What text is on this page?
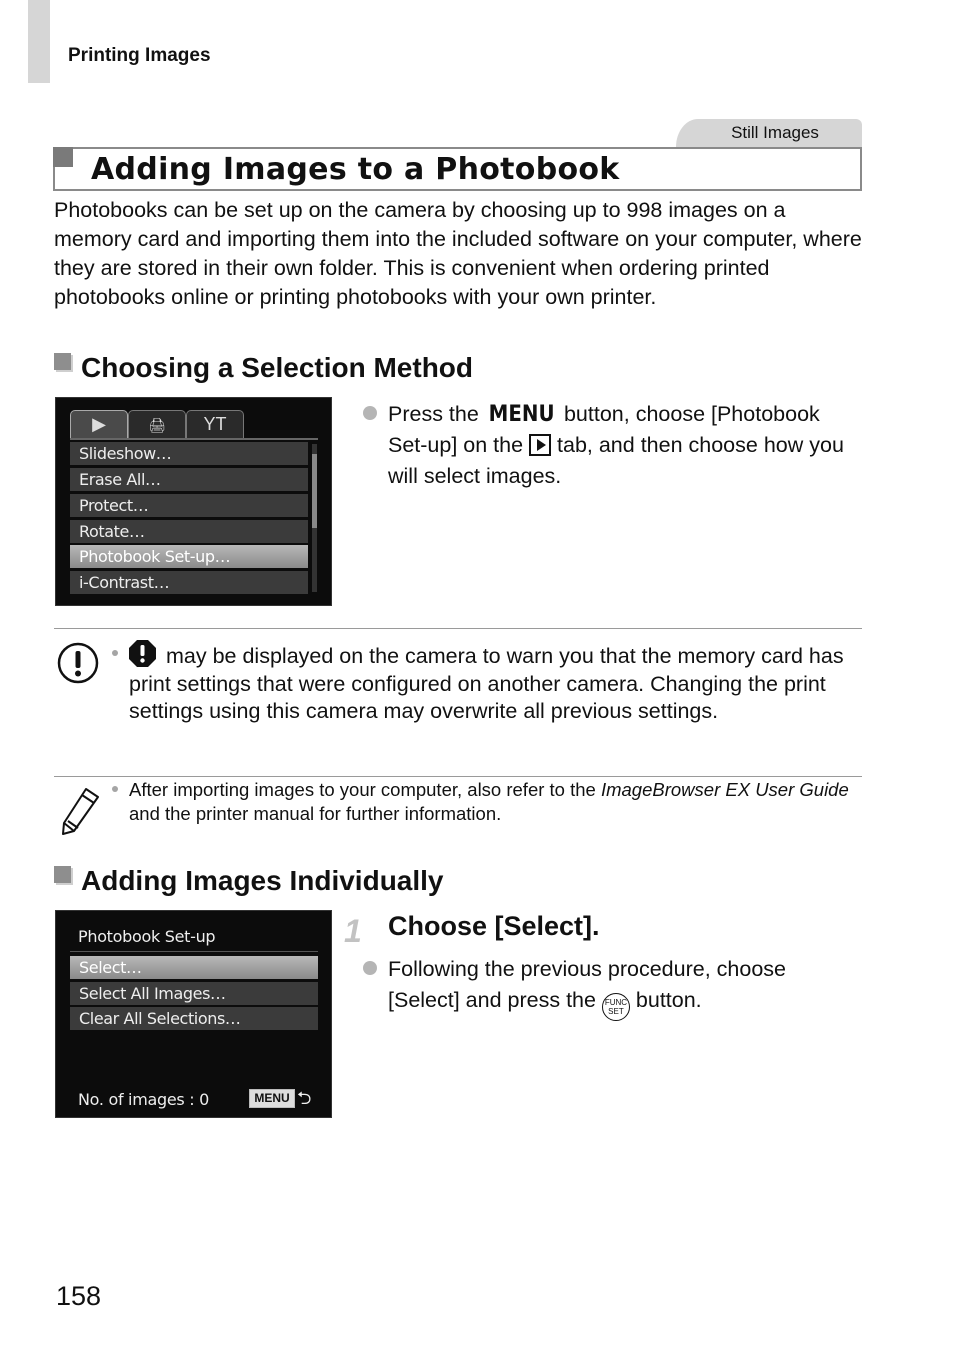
Printing Images
Still Images
Adding Images to a Photobook
Photobooks can be set up on the camera by choosing up to 998 images on a memory card and importing them into the included software on your computer, where they are stored in their own folder. This is convenient when ordering printed photobooks online or printing photobooks with your own printer.
Choosing a Selection Method
▶	🖨	YT
Slideshow…
Erase All…
Protect…
Rotate…
Photobook Set-up…
i-Contrast…
Press the MENU button, choose [Photobook Set-up] on the  tab, and then choose how you will select images.
may be displayed on the camera to warn you that the memory card has print settings that were configured on another camera. Changing the print settings using this camera may overwrite all previous settings.
After importing images to your computer, also refer to the ImageBrowser EX User Guide and the printer manual for further information.
Adding Images Individually
Photobook Set-up
Select…
Select All Images…
Clear All Selections…
No. of images : 0	MENU ⮌
1 Choose [Select].
Following the previous procedure, choose [Select] and press the FUNC
SET button.
158
